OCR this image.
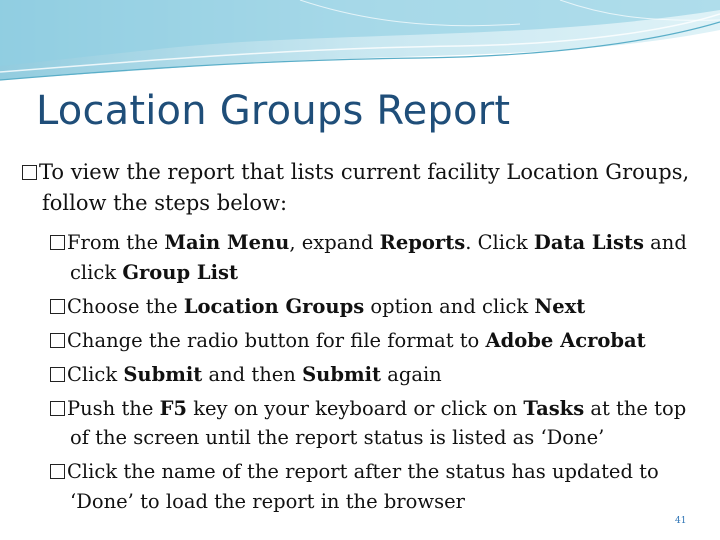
Location Groups Report
To view the report that lists current facility Location Groups, follow the steps below:
From the Main Menu, expand Reports. Click Data Lists and click Group List
Choose the Location Groups option and click Next
Change the radio button for file format to Adobe Acrobat
Click Submit and then Submit again
Push the F5 key on your keyboard or click on Tasks at the top of the screen until the report status is listed as ‘Done’
Click the name of the report after the status has updated to ‘Done’ to load the report in the browser
41
